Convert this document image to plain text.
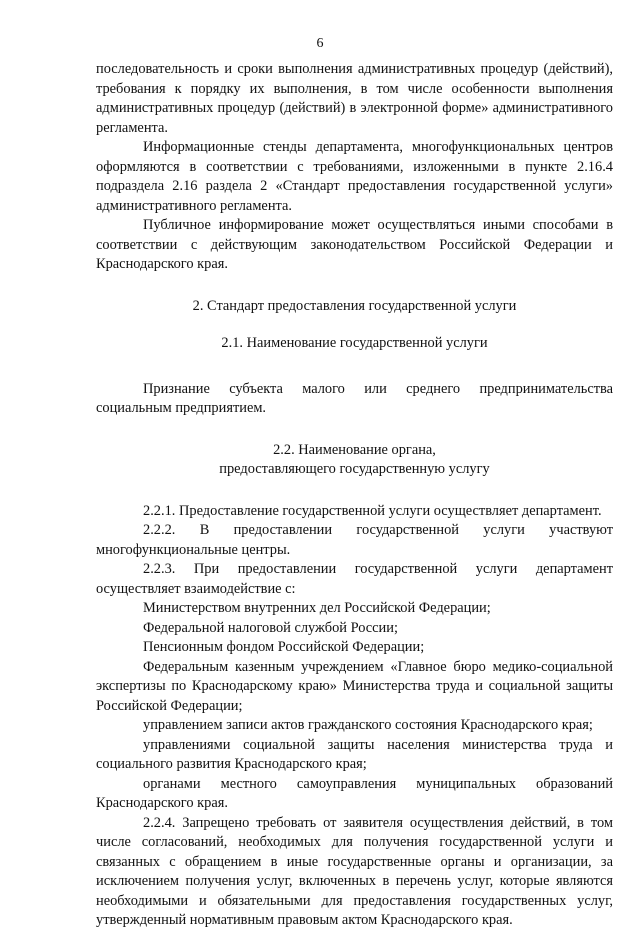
6

последовательность и сроки выполнения административных процедур (действий), требования к порядку их выполнения, в том числе особенности выполнения административных процедур (действий) в электронной форме» административного регламента.

Информационные стенды департамента, многофункциональных центров оформляются в соответствии с требованиями, изложенными в пункте 2.16.4 подраздела 2.16 раздела 2 «Стандарт предоставления государственной услуги» административного регламента.

Публичное информирование может осуществляться иными способами в соответствии с действующим законодательством Российской Федерации и Краснодарского края.

2. Стандарт предоставления государственной услуги

2.1. Наименование государственной услуги

Признание субъекта малого или среднего предпринимательства социальным предприятием.

2.2. Наименование органа,

предоставляющего государственную услугу

2.2.1. Предоставление государственной услуги осуществляет департамент.

2.2.2. В предоставлении государственной услуги участвуют многофункциональные центры.

2.2.3. При предоставлении государственной услуги департамент осуществляет взаимодействие с:

Министерством внутренних дел Российской Федерации;

Федеральной налоговой службой России;

Пенсионным фондом Российской Федерации;

Федеральным казенным учреждением «Главное бюро медико-социальной экспертизы по Краснодарскому краю» Министерства труда и социальной защиты Российской Федерации;

управлением записи актов гражданского состояния Краснодарского края;

управлениями социальной защиты населения министерства труда и социального развития Краснодарского края;

органами местного самоуправления муниципальных образований Краснодарского края.

2.2.4. Запрещено требовать от заявителя осуществления действий, в том числе согласований, необходимых для получения государственной услуги и связанных с обращением в иные государственные органы и организации, за исключением получения услуг, включенных в перечень услуг, которые являются необходимыми и обязательными для предоставления государственных услуг, утвержденный нормативным правовым актом Краснодарского края.
